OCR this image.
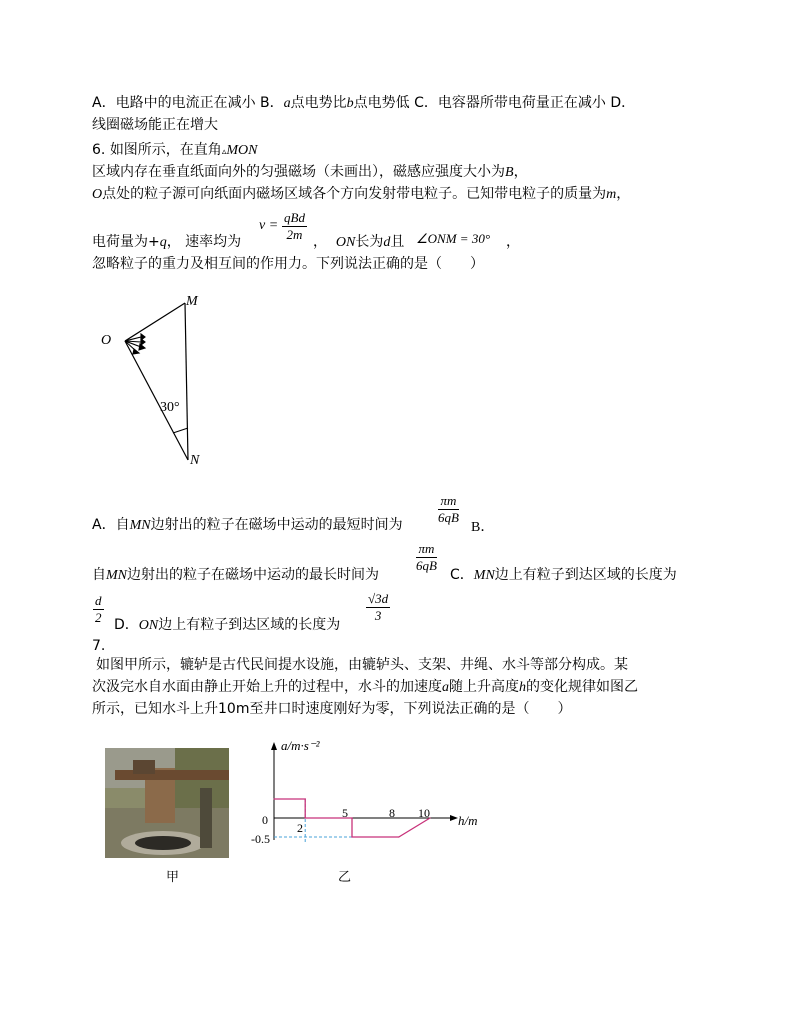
A．电路中的电流正在减小 B．a点电势比b点电势低 C．电容器所带电荷量正在减小 D．
线圈磁场能正在增大
6. 如图所示，在直角▵MON
区域内存在垂直纸面向外的匀强磁场（未画出），磁感应强度大小为B，
O点处的粒子源可向纸面内磁场区域各个方向发射带电粒子。已知带电粒子的质量为m，
电荷量为+q， 速率均为
v =
qBd
2m ， ON长为d且 ∠ONM = 30° ，
忽略粒子的重力及相互间的作用力。下列说法正确的是（　　）
O
M
N
30°
A．自MN边射出的粒子在磁场中运动的最短时间为	$\frac{\pi m}{6qB}$
B．
自MN边射出的粒子在磁场中运动的最长时间为
$\frac{\pi m}{6qB}$
C．MN边上有粒子到达区域的长度为
$\frac{d}{2}$ D．ON边上有粒子到达区域的长度为
$\frac{√3d}{3}$
7.
如图甲所示，辘轳是古代民间提水设施，由辘轳头、支架、井绳、水斗等部分构成。某
次汲完水自水面由静止开始上升的过程中，水斗的加速度a随上升高度h的变化规律如图乙
所示，已知水斗上升10m至井口时速度刚好为零，下列说法正确的是（　　）
甲
a/m·s⁻²
h/m
0
-0.5
2
5	8 10
乙
